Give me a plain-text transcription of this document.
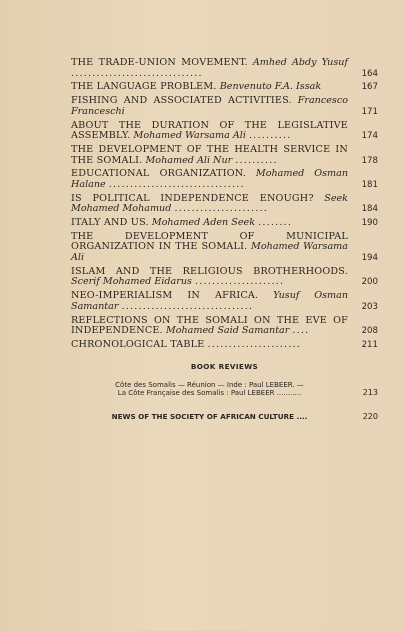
THE TRADE-UNION MOVEMENT. Amhed Abdy Yusuf ...............................	164
THE LANGUAGE PROBLEM. Benvenuto F.A. Issak	167
FISHING AND ASSOCIATED ACTIVITIES. Francesco Franceschi	171
ABOUT THE DURATION OF THE LEGISLATIVE ASSEMBLY. Mohamed Warsama Ali ..........	174
THE DEVELOPMENT OF THE HEALTH SERVICE IN THE SOMALI. Mohamed Ali Nur ..........	178
EDUCATIONAL ORGANIZATION. Mohamed Osman Halane ................................	181
IS POLITICAL INDEPENDENCE ENOUGH? Seek Mohamed Mohamud ......................	184
ITALY AND US. Mohamed Aden Seek ........	190
THE DEVELOPMENT OF MUNICIPAL ORGANIZATION IN THE SOMALI. Mohamed Warsama Ali	194
ISLAM AND THE RELIGIOUS BROTHERHOODS. Scerif Mohamed Eidarus .....................	200
NEO-IMPERIALISM IN AFRICA. Yusuf Osman Samantar ...............................	203
REFLECTIONS ON THE SOMALI ON THE EVE OF INDEPENDENCE. Mohamed Said Samantar ....	208
CHRONOLOGICAL TABLE ......................	211
BOOK REVIEWS
Côte des Somalis — Réunion — Inde : Paul LEBEER. —
La Côte Française des Somalis : Paul LEBEER ...........	213
NEWS OF THE SOCIETY OF AFRICAN CULTURE ....	220
